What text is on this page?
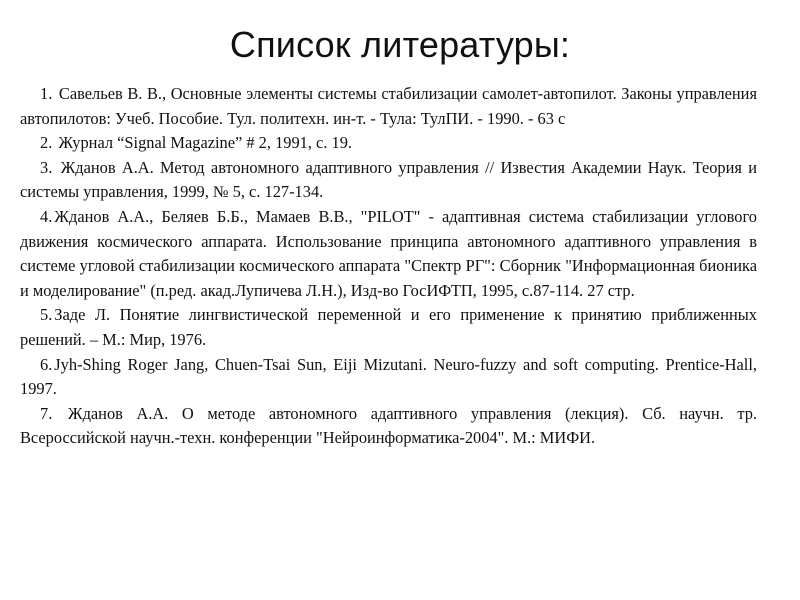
Список литературы:
1. Савельев В. В., Основные элементы системы стабилизации самолет-автопилот. Законы управления автопилотов: Учеб. Пособие. Тул. политехн. ин-т. - Тула: ТулПИ. - 1990. - 63 с
2. Журнал “Signal Magazine” # 2, 1991, c. 19.
3. Жданов А.А. Метод автономного адаптивного управления // Известия Академии Наук. Теория и системы управления, 1999, № 5, с. 127-134.
4. Жданов А.А., Беляев Б.Б., Мамаев В.В., "PILOT" - адаптивная система стабилизации углового движения космического аппарата. Использование принципа автономного адаптивного управления в системе угловой стабилизации космического аппарата "Спектр РГ": Сборник "Информационная бионика и моделирование" (п.ред. акад.Лупичева Л.Н.), Изд-во ГосИФТП, 1995, с.87-114. 27 стр.
5. Заде Л. Понятие лингвистической переменной и его применение к принятию приближенных решений. – М.: Мир, 1976.
6. Jyh-Shing Roger Jang, Chuen-Tsai Sun, Eiji Mizutani. Neuro-fuzzy and soft computing. Prentice-Hall, 1997.
7. Жданов А.А. О методе автономного адаптивного управления (лекция). Сб. научн. тр. Всероссийской научн.-техн. конференции "Нейроинформатика-2004". М.: МИФИ.
